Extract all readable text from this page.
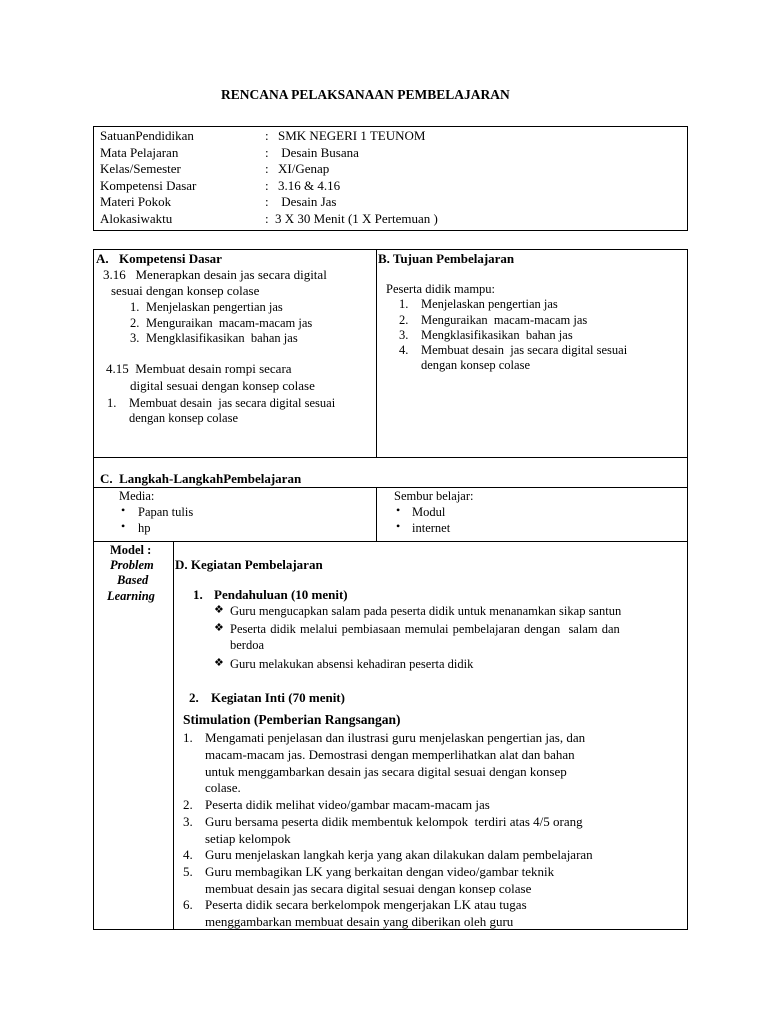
RENCANA PELAKSANAAN PEMBELAJARAN
SatuanPendidikan	: SMK NEGERI 1 TEUNOM
Mata Pelajaran	: Desain Busana
Kelas/Semester	: XI/Genap
Kompetensi Dasar	: 3.16 & 4.16
Materi Pokok	: Desain Jas
Alokasiwaktu	: 3 X 30 Menit (1 X Pertemuan )
A. Kompetensi Dasar
3.16   Menerapkan desain jas secara digital
sesuai dengan konsep colase
1. Menjelaskan pengertian jas
2. Menguraikan  macam-macam jas
3. Mengklasifikasikan  bahan jas
4.15  Membuat desain rompi secara
digital sesuai dengan konsep colase
1. Membuat desain  jas secara digital sesuai
dengan konsep colase
B. Tujuan Pembelajaran
Peserta didik mampu:
1. Menjelaskan pengertian jas
2. Menguraikan  macam-macam jas
3. Mengklasifikasikan  bahan jas
4. Membuat desain  jas secara digital sesuai
dengan konsep colase
C.  Langkah-LangkahPembelajaran
Media:
• Papan tulis
• hp
Sembur belajar:
• Modul
• internet
Model :
Problem
Based
Learning
D. Kegiatan Pembelajaran
1. Pendahuluan (10 menit)
❖ Guru mengucapkan salam pada peserta didik untuk menanamkan sikap santun
❖ Peserta didik melalui pembiasaan memulai pembelajaran dengan  salam dan
berdoa
❖ Guru melakukan absensi kehadiran peserta didik
2. Kegiatan Inti (70 menit)
Stimulation (Pemberian Rangsangan)
1. Mengamati penjelasan dan ilustrasi guru menjelaskan pengertian jas, dan
macam-macam jas. Demostrasi dengan memperlihatkan alat dan bahan
untuk menggambarkan desain jas secara digital sesuai dengan konsep
colase.
2. Peserta didik melihat video/gambar macam-macam jas
3. Guru bersama peserta didik membentuk kelompok  terdiri atas 4/5 orang
setiap kelompok
4. Guru menjelaskan langkah kerja yang akan dilakukan dalam pembelajaran
5. Guru membagikan LK yang berkaitan dengan video/gambar teknik
membuat desain jas secara digital sesuai dengan konsep colase
6. Peserta didik secara berkelompok mengerjakan LK atau tugas
menggambarkan membuat desain yang diberikan oleh guru
